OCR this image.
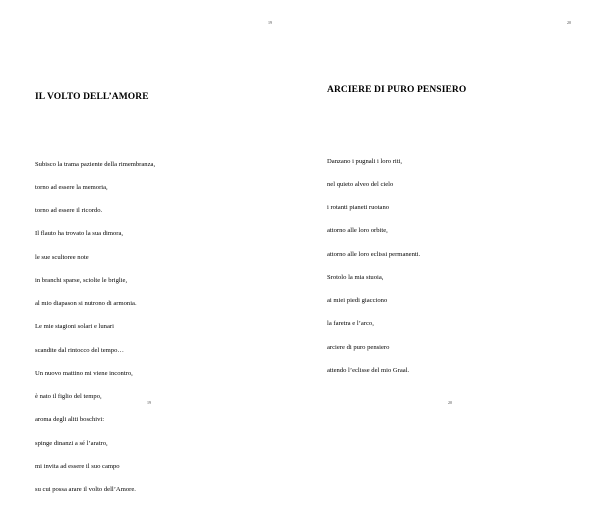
19
IL VOLTO DELL’AMORE

Subisco la trama paziente della rimembranza,

torno ad essere la memoria,

torno ad essere il ricordo.

Il flauto ha trovato la sua dimora,

le sue scultoree note

in branchi sparse, sciolte le briglie,

al mio diapason si nutrono di armonia.

Le mie stagioni solari e lunari

scandite dal rintocco del tempo…

Un nuovo mattino mi viene incontro,

è nato il figlio del tempo,

aroma degli aliti boschivi:

spinge dinanzi a sé l’aratro,

mi invita ad essere il suo campo

su cui possa arare il volto dell’Amore.

19
20
ARCIERE DI PURO PENSIERO

Danzano i pugnali i loro riti,

nel quieto alveo del cielo

i rotanti pianeti ruotano

attorno alle loro orbite,

attorno alle loro eclissi permanenti.

Srotolo la mia stuoia,

ai miei piedi giacciono

la faretra e l’arco,

arciere di puro pensiero

attendo l’eclisse del mio Graal.

20
